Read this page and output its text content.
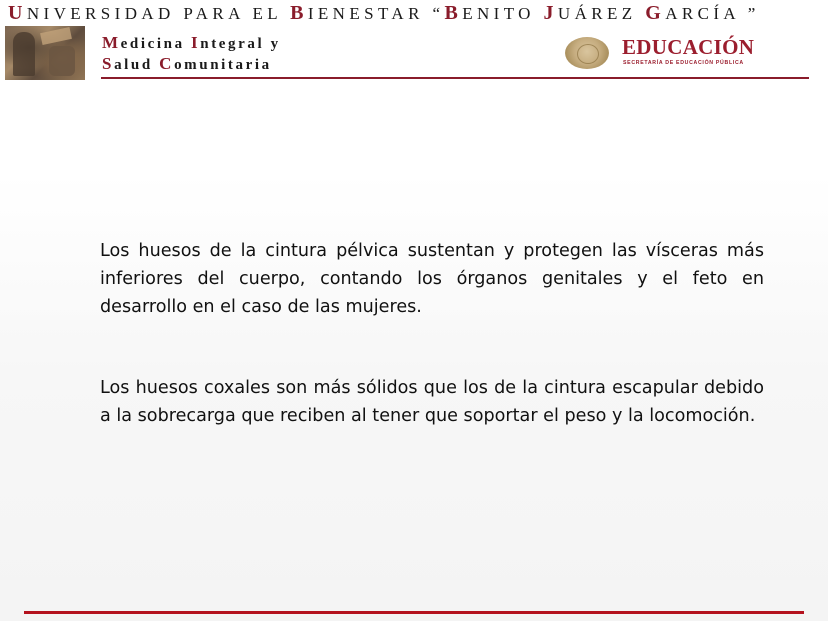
UNIVERSIDAD PARA EL BIENESTAR “BENITO JUÁREZ GARCÍA ”
Medicina Integral y
Salud Comunitaria
EDUCACIÓN
SECRETARÍA DE EDUCACIÓN PÚBLICA

Los huesos de la cintura pélvica sustentan y protegen las vísceras más inferiores del cuerpo, contando los órganos genitales y el feto en desarrollo en el caso de las mujeres.

Los huesos coxales son más sólidos que los de la cintura escapular debido a la sobrecarga que reciben al tener que soportar el peso y la locomoción.
